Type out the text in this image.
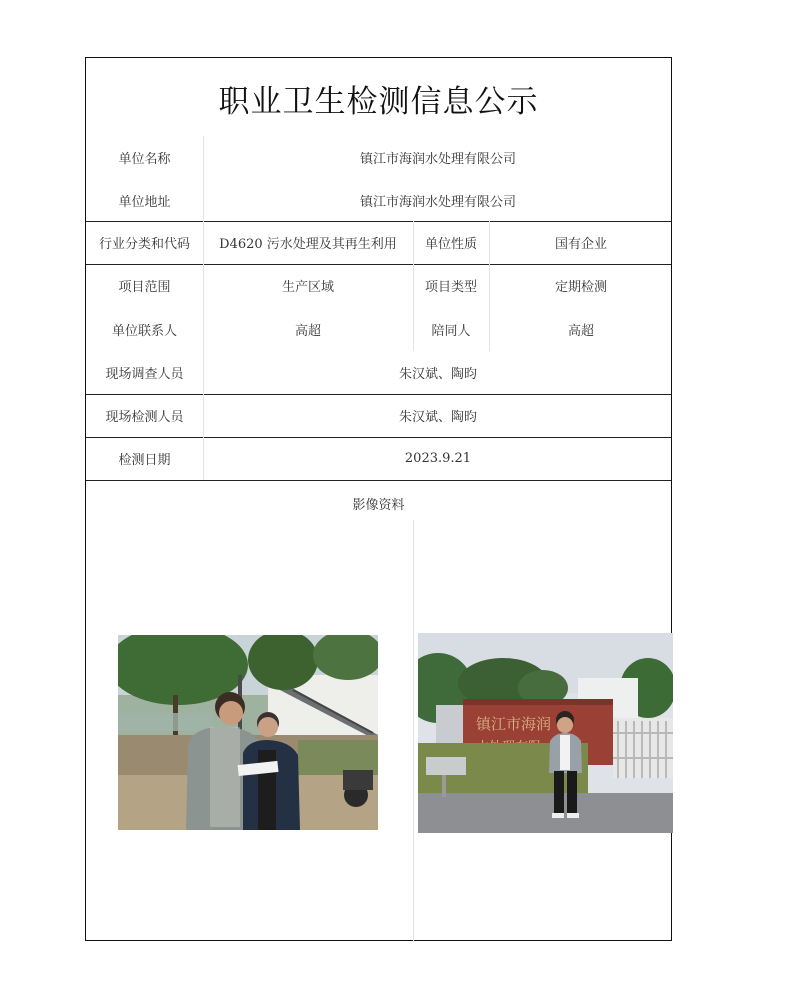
职业卫生检测信息公示
单位名称	镇江市海润水处理有限公司
单位地址	镇江市海润水处理有限公司
行业分类和代码	D4620 污水处理及其再生利用	单位性质	国有企业
项目范围	生产区域	项目类型	定期检测
单位联系人	高超	陪同人	高超
现场调查人员	朱汉斌、陶昀
现场检测人员	朱汉斌、陶昀
检测日期	2023.9.21
影像资料
镇江市海润
